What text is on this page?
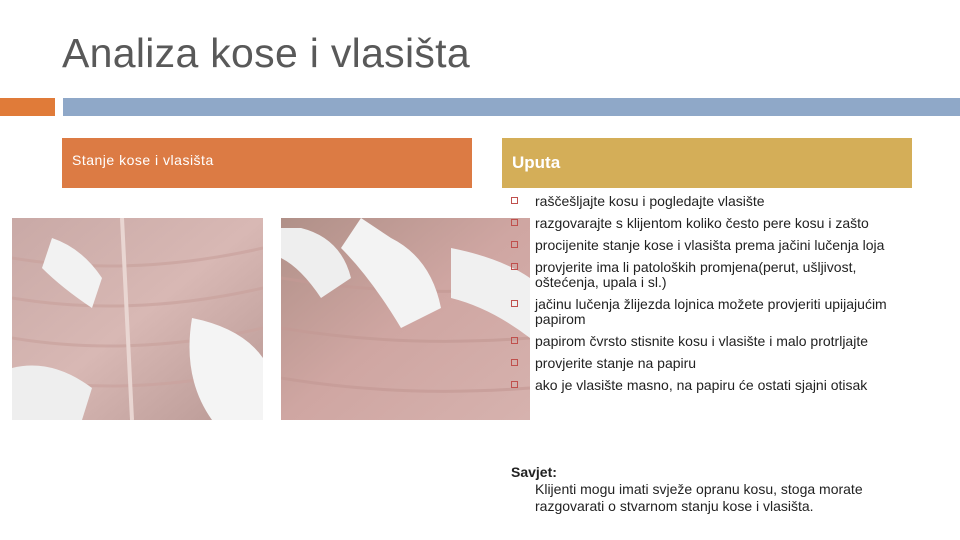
Analiza kose i vlasišta
Stanje kose i vlasišta	Uputa
raščešljajte kosu i pogledajte vlasište
razgovarajte s klijentom koliko često pere kosu i zašto
procijenite stanje kose i vlasišta prema jačini lučenja loja
provjerite ima li patoloških promjena(perut, ušljivost, oštećenja, upala i sl.)
jačinu lučenja žlijezda lojnica možete provjeriti upijajućim papirom
papirom čvrsto stisnite kosu i vlasište i malo protrljajte
provjerite stanje na papiru
ako je vlasište masno, na papiru će ostati sjajni otisak
Savjet:
Klijenti mogu imati svježe opranu kosu, stoga morate razgovarati o stvarnom stanju kose i vlasišta.
